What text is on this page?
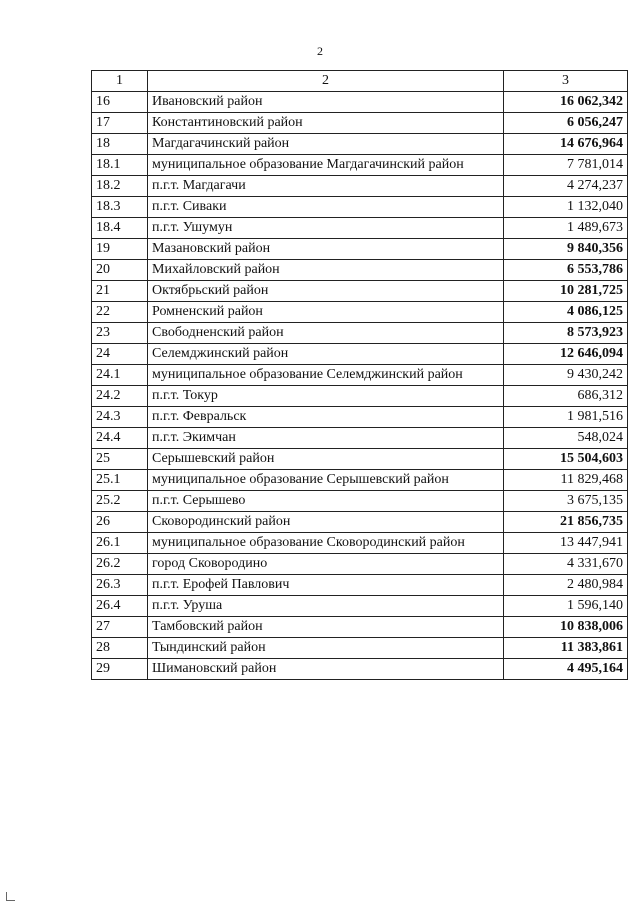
2
1	2	3
16	Ивановский район	16 062,342
17	Константиновский район	6 056,247
18	Магдагачинский район	14 676,964
18.1	муниципальное образование Магдагачинский район	7 781,014
18.2	п.г.т. Магдагачи	4 274,237
18.3	п.г.т. Сиваки	1 132,040
18.4	п.г.т. Ушумун	1 489,673
19	Мазановский район	9 840,356
20	Михайловский район	6 553,786
21	Октябрьский район	10 281,725
22	Ромненский район	4 086,125
23	Свободненский район	8 573,923
24	Селемджинский район	12 646,094
24.1	муниципальное образование Селемджинский район	9 430,242
24.2	п.г.т. Токур	686,312
24.3	п.г.т. Февральск	1 981,516
24.4	п.г.т. Экимчан	548,024
25	Серышевский район	15 504,603
25.1	муниципальное образование Серышевский район	11 829,468
25.2	п.г.т. Серышево	3 675,135
26	Сковородинский район	21 856,735
26.1	муниципальное образование Сковородинский район	13 447,941
26.2	город Сковородино	4 331,670
26.3	п.г.т. Ерофей Павлович	2 480,984
26.4	п.г.т. Уруша	1 596,140
27	Тамбовский район	10 838,006
28	Тындинский район	11 383,861
29	Шимановский район	4 495,164
